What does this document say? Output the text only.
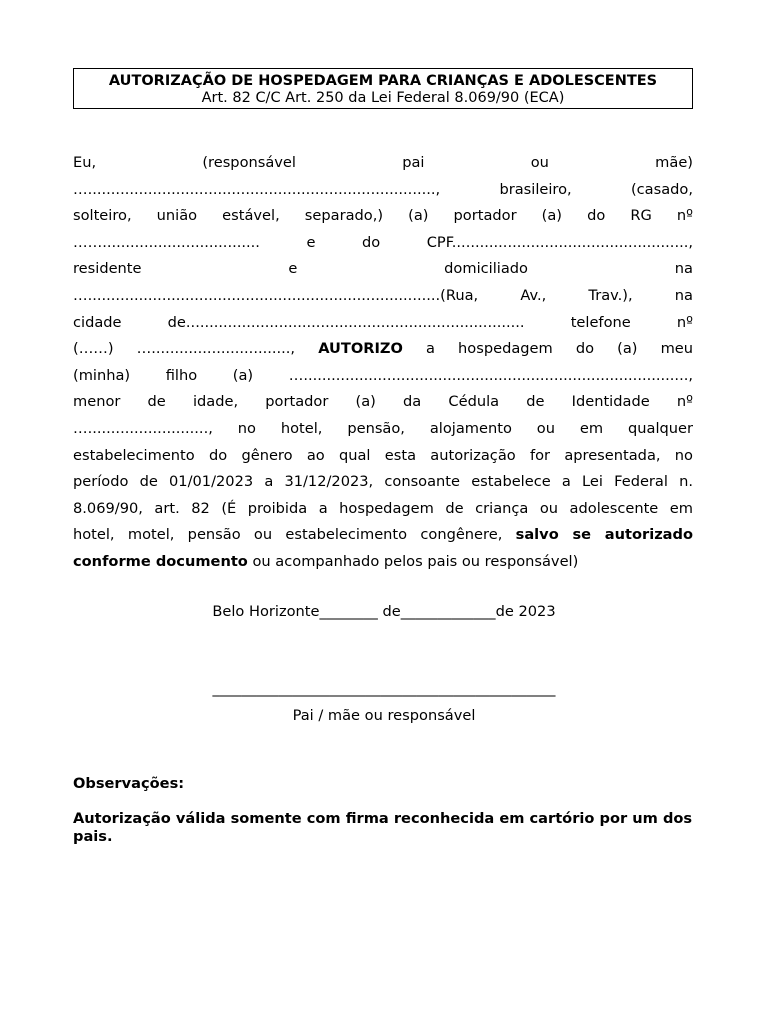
AUTORIZAÇÃO DE HOSPEDAGEM PARA CRIANÇAS E ADOLESCENTES
Art. 82 C/C Art. 250 da Lei Federal 8.069/90 (ECA)
Eu, (responsável pai ou mãe)
…..........................................................................., brasileiro, (casado,
solteiro, união estável, separado,) (a) portador (a) do RG nº
…….................................. e do CPF...................................................,
residente e domiciliado na
…............................................................................(Rua, Av., Trav.), na
cidade de......................................................................... telefone nº
(……) ….............................., AUTORIZO a hospedagem do (a) meu
(minha) filho (a) …...................................................................................,
menor de idade, portador (a) da Cédula de Identidade nº
….........................., no hotel, pensão, alojamento ou em qualquer
estabelecimento do gênero ao qual esta autorização for apresentada, no
período de 01/01/2023 a 31/12/2023, consoante estabelece a Lei Federal n.
8.069/90, art. 82 (É proibida a hospedagem de criança ou adolescente em
hotel, motel, pensão ou estabelecimento congênere, salvo se autorizado
conforme documento ou acompanhado pelos pais ou responsável)
Belo Horizonte________ de_____________de 2023
_______________________________________________
Pai / mãe ou responsável
Observações:
Autorização válida somente com firma reconhecida em cartório por um dos pais.
